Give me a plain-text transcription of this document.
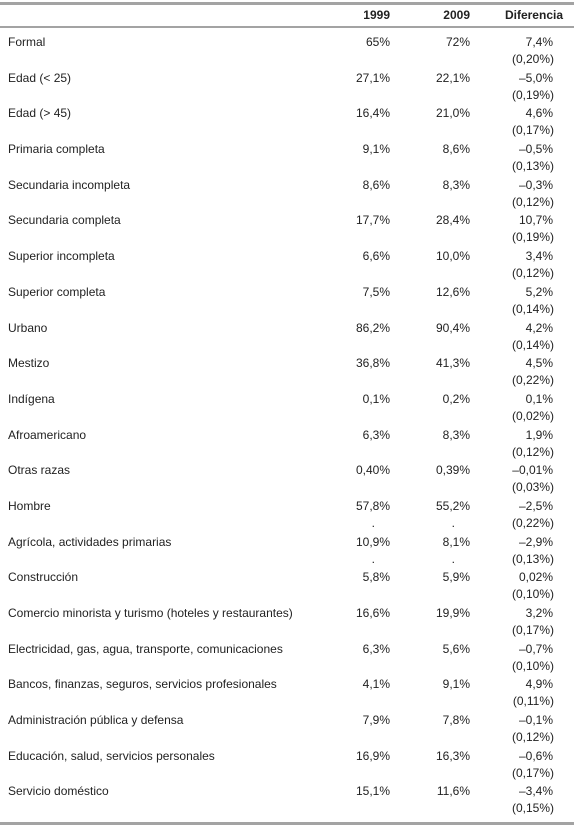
1999	2009	Diferencia
Formal	65%	72%	7,4%
(0,20%)
Edad (< 25)	27,1%	22,1%	–5,0%
(0,19%)
Edad (> 45)	16,4%	21,0%	4,6%
(0,17%)
Primaria completa	9,1%	8,6%	–0,5%
(0,13%)
Secundaria incompleta	8,6%	8,3%	–0,3%
(0,12%)
Secundaria completa	17,7%	28,4%	10,7%
(0,19%)
Superior incompleta	6,6%	10,0%	3,4%
(0,12%)
Superior completa	7,5%	12,6%	5,2%
(0,14%)
Urbano	86,2%	90,4%	4,2%
(0,14%)
Mestizo	36,8%	41,3%	4,5%
(0,22%)
Indígena	0,1%	0,2%	0,1%
(0,02%)
Afroamericano	6,3%	8,3%	1,9%
(0,12%)
Otras razas	0,40%	0,39%	–0,01%
(0,03%)
Hombre	57,8%	55,2%	–2,5%
(0,22%)
.	.
Agrícola, actividades primarias	10,9%	8,1%	–2,9%
(0,13%)
.	.
Construcción	5,8%	5,9%	0,02%
(0,10%)
Comercio minorista y turismo (hoteles y restaurantes)	16,6%	19,9%	3,2%
(0,17%)
Electricidad, gas, agua, transporte, comunicaciones	6,3%	5,6%	–0,7%
(0,10%)
Bancos, finanzas, seguros, servicios profesionales	4,1%	9,1%	4,9%
(0,11%)
Administración pública y defensa	7,9%	7,8%	–0,1%
(0,12%)
Educación, salud, servicios personales	16,9%	16,3%	–0,6%
(0,17%)
Servicio doméstico	15,1%	11,6%	–3,4%
(0,15%)
